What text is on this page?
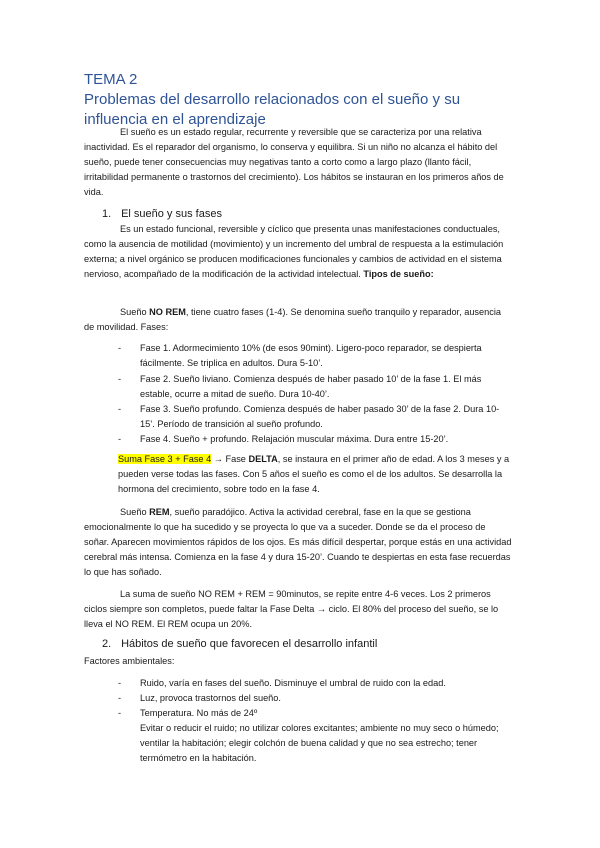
TEMA 2
Problemas del desarrollo relacionados con el sueño y su influencia en el aprendizaje
El sueño es un estado regular, recurrente y reversible que se caracteriza por una relativa inactividad. Es el reparador del organismo, lo conserva y equilibra. Si un niño no alcanza el hábito del sueño, puede tener consecuencias muy negativas tanto a corto como a largo plazo (llanto fácil, irritabilidad permanente o trastornos del crecimiento). Los hábitos se instauran en los primeros años de vida.
1. El sueño y sus fases
Es un estado funcional, reversible y cíclico que presenta unas manifestaciones conductuales, como la ausencia de motilidad (movimiento) y un incremento del umbral de respuesta a la estimulación externa; a nivel orgánico se producen modificaciones funcionales y cambios de actividad en el sistema nervioso, acompañado de la modificación de la actividad intelectual. Tipos de sueño:
Sueño NO REM, tiene cuatro fases (1-4). Se denomina sueño tranquilo y reparador, ausencia de movilidad. Fases:
- Fase 1. Adormecimiento 10% (de esos 90mint). Ligero-poco reparador, se despierta fácilmente. Se triplica en adultos. Dura 5-10’.
- Fase 2. Sueño liviano. Comienza después de haber pasado 10’ de la fase 1. El más estable, ocurre a mitad de sueño. Dura 10-40’.
- Fase 3. Sueño profundo. Comienza después de haber pasado 30’ de la fase 2. Dura 10-15’. Período de transición al sueño profundo.
- Fase 4. Sueño + profundo. Relajación muscular máxima. Dura entre 15-20’.
Suma Fase 3 + Fase 4 → Fase DELTA, se instaura en el primer año de edad. A los 3 meses y a pueden verse todas las fases. Con 5 años el sueño es como el de los adultos. Se desarrolla la hormona del crecimiento, sobre todo en la fase 4.
Sueño REM, sueño paradójico. Activa la actividad cerebral, fase en la que se gestiona emocionalmente lo que ha sucedido y se proyecta lo que va a suceder. Donde se da el proceso de soñar. Aparecen movimientos rápidos de los ojos. Es más difícil despertar, porque estás en una actividad cerebral más intensa. Comienza en la fase 4 y dura 15-20’. Cuando te despiertas en esta fase recuerdas lo que has soñado.
La suma de sueño NO REM + REM = 90minutos, se repite entre 4-6 veces. Los 2 primeros ciclos siempre son completos, puede faltar la Fase Delta → ciclo. El 80% del proceso del sueño, se lo lleva el NO REM. El REM ocupa un 20%.
2. Hábitos de sueño que favorecen el desarrollo infantil
Factores ambientales:
- Ruido, varía en fases del sueño. Disminuye el umbral de ruido con la edad.
- Luz, provoca trastornos del sueño.
- Temperatura. No más de 24º
Evitar o reducir el ruido; no utilizar colores excitantes; ambiente no muy seco o húmedo; ventilar la habitación; elegir colchón de buena calidad y que no sea estrecho; tener termómetro en la habitación.
